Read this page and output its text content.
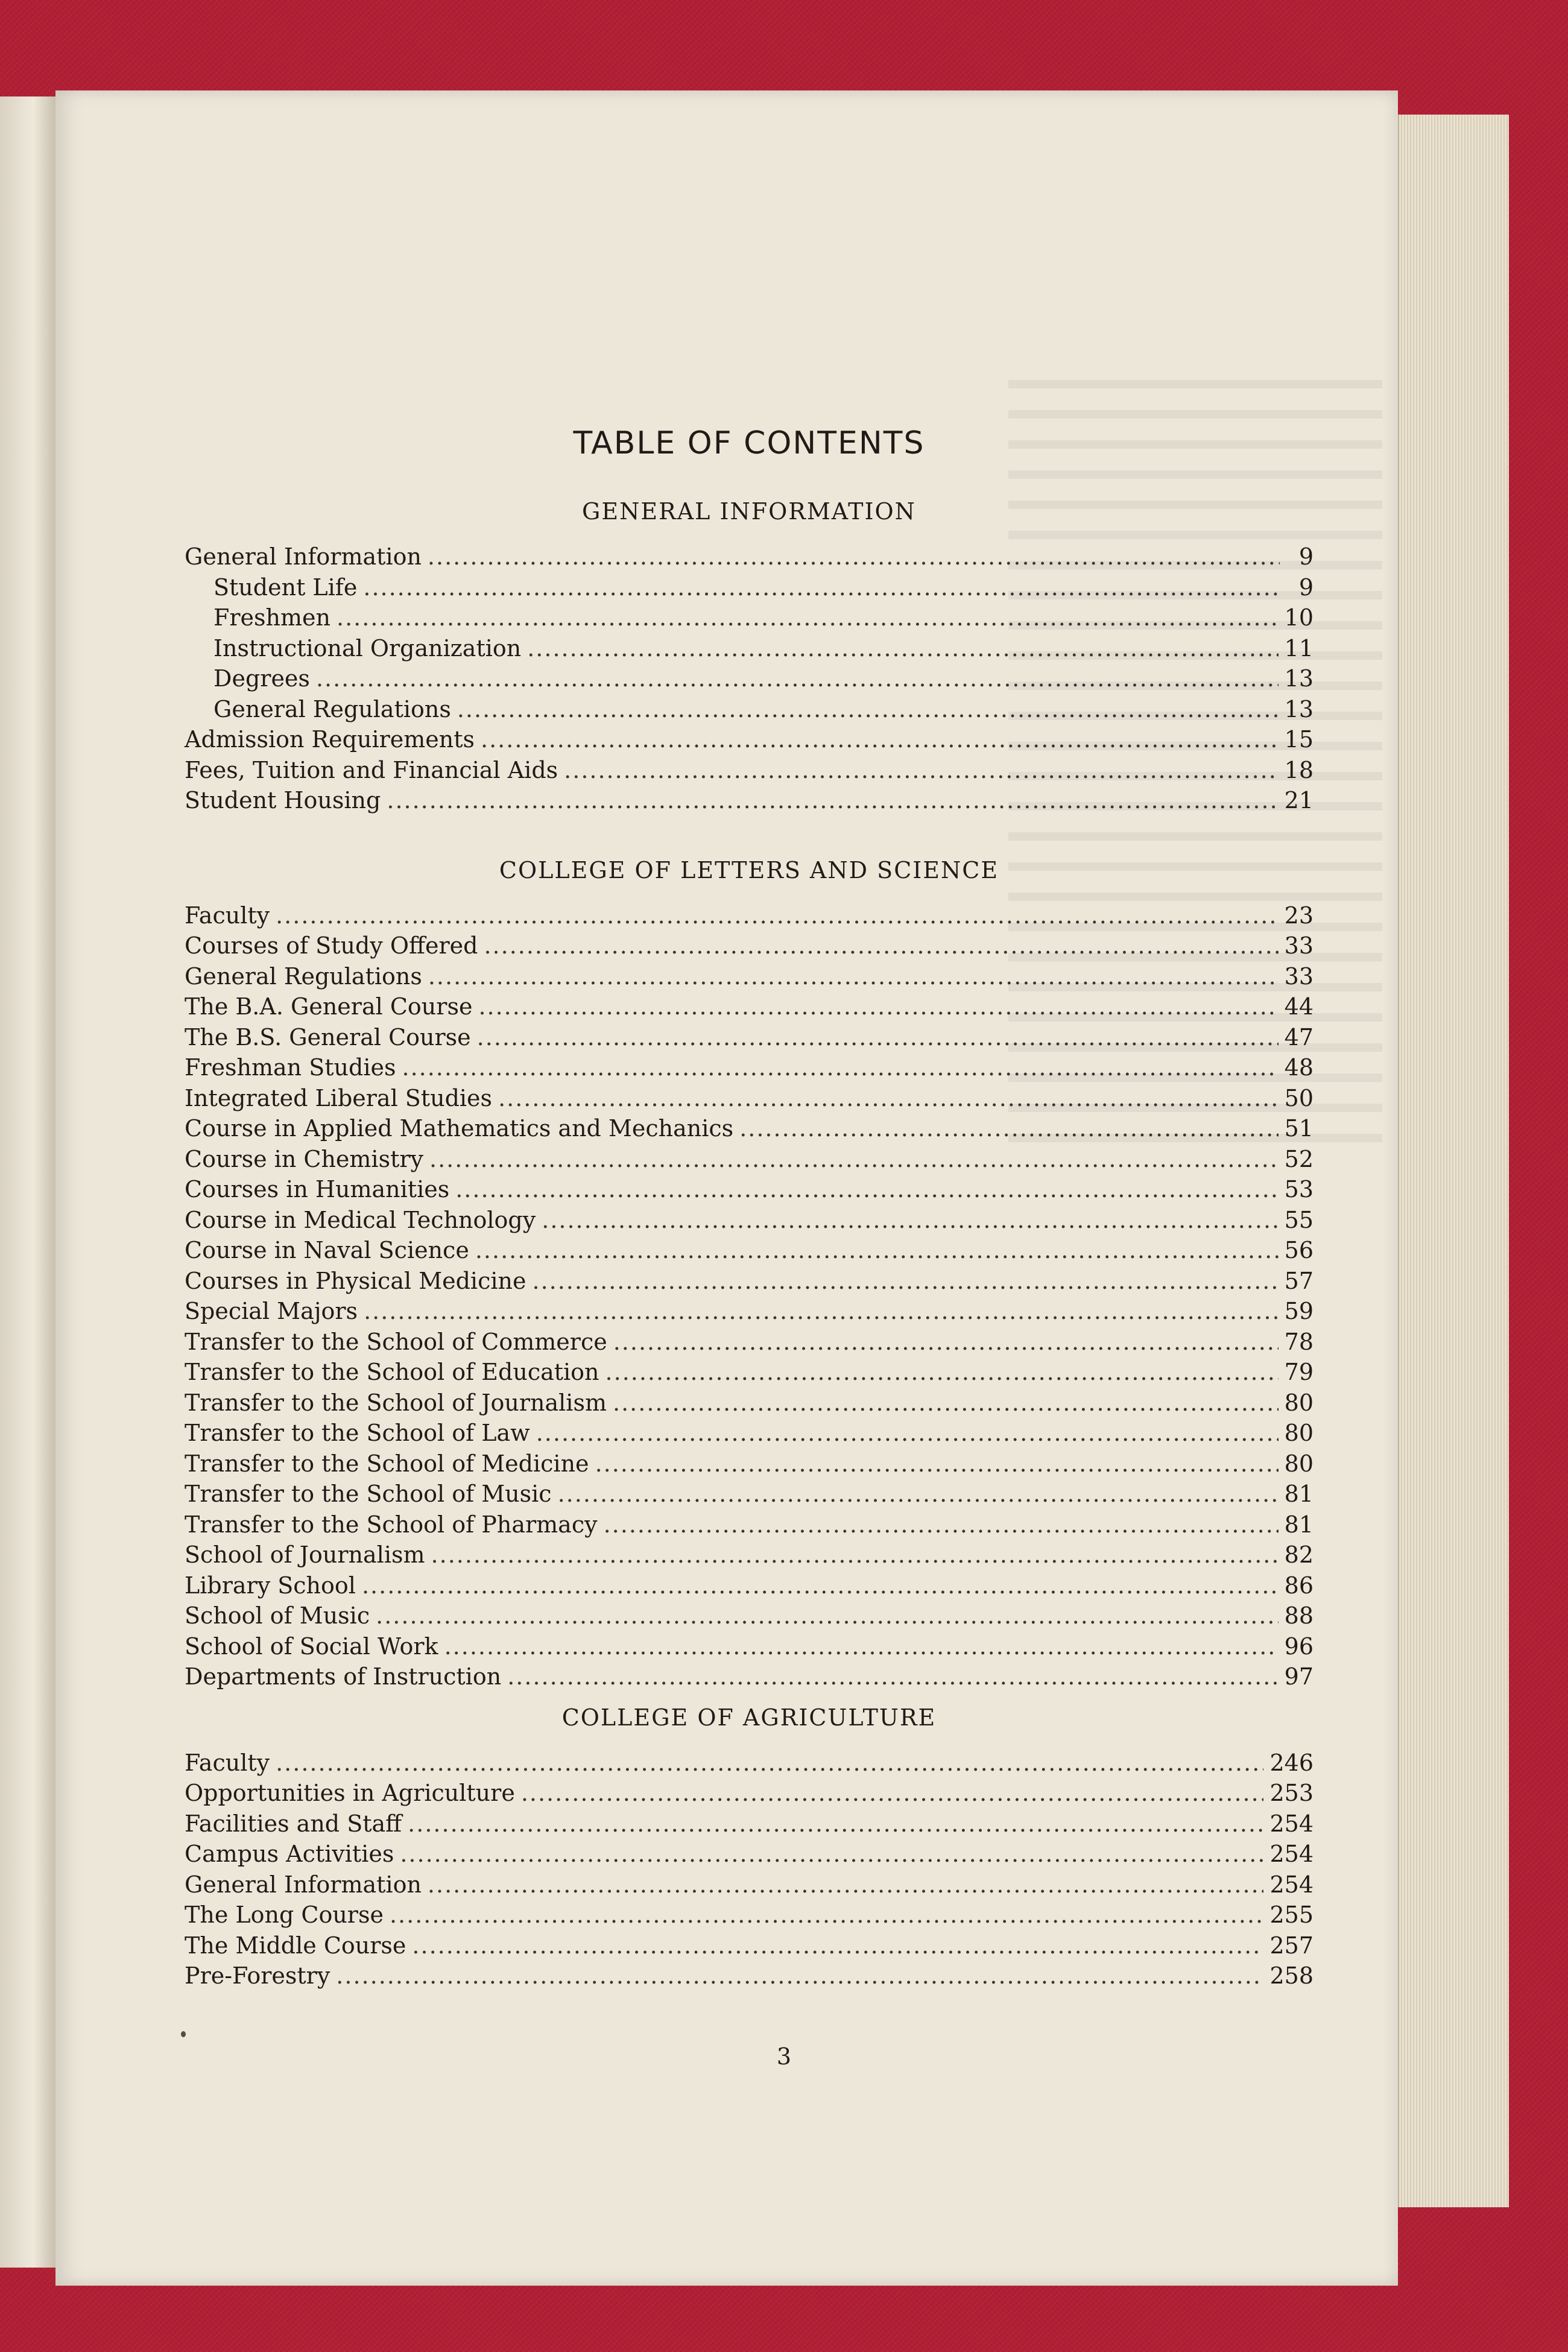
TABLE OF CONTENTS
GENERAL INFORMATION
General Information .....	9
Student Life .....	9
Freshmen .....	10
Instructional Organization .....	11
Degrees .....	13
General Regulations .....	13
Admission Requirements .....	15
Fees, Tuition and Financial Aids .....	18
Student Housing .....	21
COLLEGE OF LETTERS AND SCIENCE
Faculty .....	23
Courses of Study Offered .....	33
General Regulations .....	33
The B.A. General Course .....	44
The B.S. General Course .....	47
Freshman Studies .....	48
Integrated Liberal Studies .....	50
Course in Applied Mathematics and Mechanics .....	51
Course in Chemistry .....	52
Courses in Humanities .....	53
Course in Medical Technology .....	55
Course in Naval Science .....	56
Courses in Physical Medicine .....	57
Special Majors .....	59
Transfer to the School of Commerce .....	78
Transfer to the School of Education .....	79
Transfer to the School of Journalism .....	80
Transfer to the School of Law .....	80
Transfer to the School of Medicine .....	80
Transfer to the School of Music .....	81
Transfer to the School of Pharmacy .....	81
School of Journalism .....	82
Library School .....	86
School of Music .....	88
School of Social Work .....	96
Departments of Instruction .....	97
COLLEGE OF AGRICULTURE
Faculty .....	246
Opportunities in Agriculture .....	253
Facilities and Staff .....	254
Campus Activities .....	254
General Information .....	254
The Long Course .....	255
The Middle Course .....	257
Pre-Forestry .....	258
3
